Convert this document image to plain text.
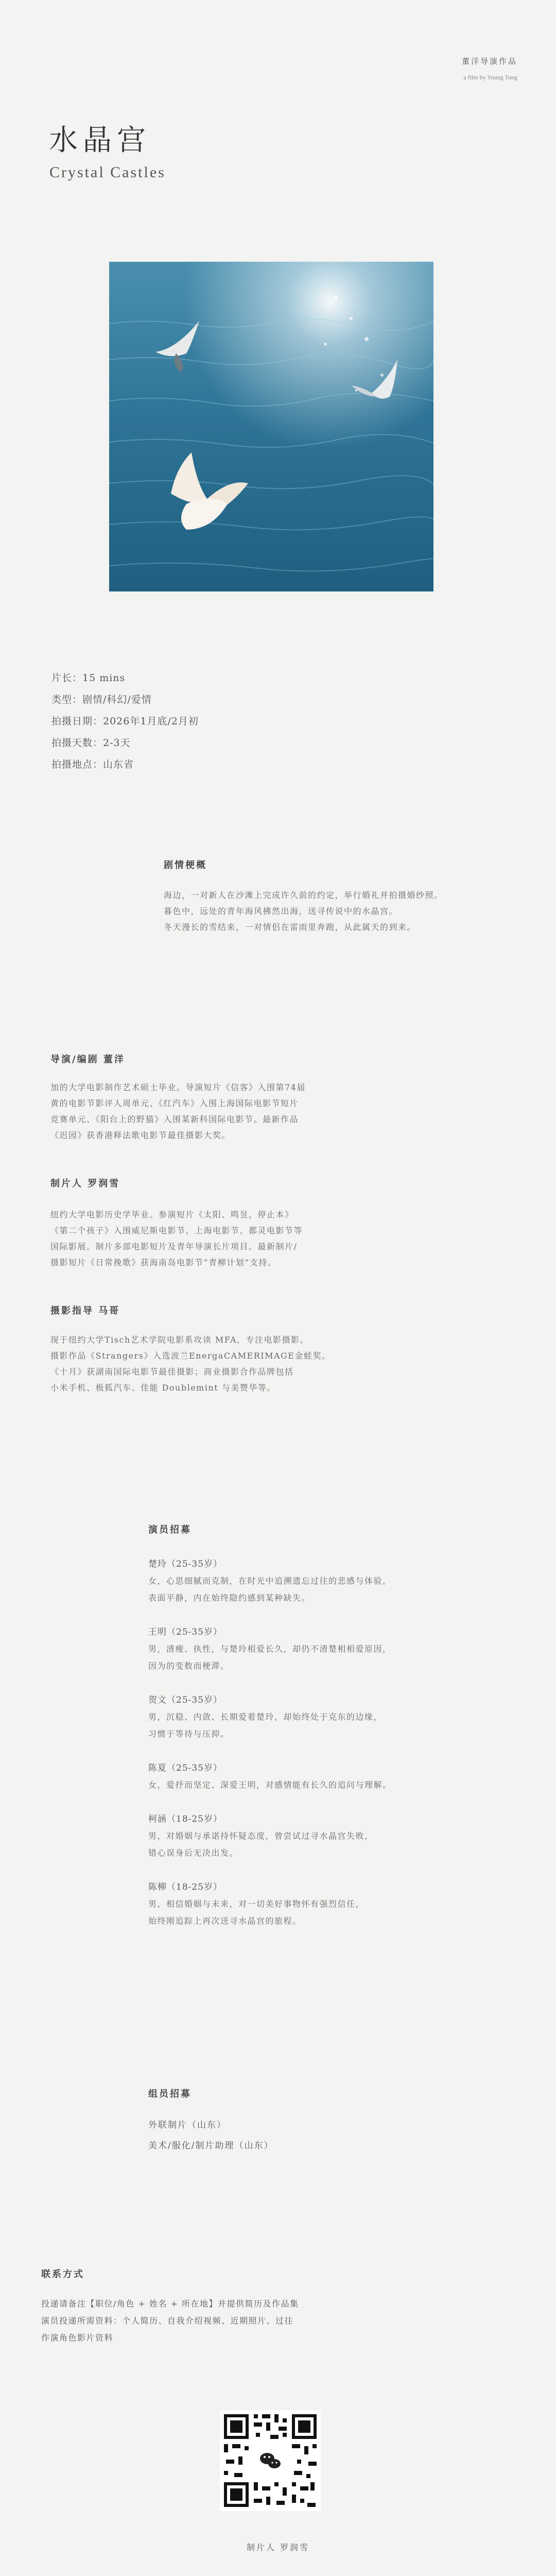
董洋导演作品
a film by Young Tong
水晶宫
Crystal Castles
片长：15 mins
类型：剧情/科幻/爱情
拍摄日期：2026年1月底/2月初
拍摄天数：2-3天
拍摄地点：山东省
剧情梗概
海边，一对新人在沙滩上完成许久前的约定，举行婚礼并拍摄婚纱照。
暮色中，远处的青年海风拂然出海，送寻传说中的水晶宫。
冬天漫长的雪结来，一对情侣在雷雨里奔跑，从此属天的到来。
导演/编剧 董洋
加的大学电影制作艺术硕士毕业。导演短片《信客》入围第74届
黄的电影节影评人周单元、《红汽车》入围上海国际电影节短片
竞赛单元、《阳台上的野猫》入围某新科国际电影节。最新作品
《迟园》获香港释法歌电影节最佳摄影大奖。
制片人 罗润雪
纽约大学电影历史学毕业。参演短片《太阳、鸣昱，停止本》
《第二个孩子》入围威尼斯电影节、上海电影节、都灵电影节等
国际影展。制片多部电影短片及青年导演长片项目。最新制片/
摄影短片《日常挽歌》获海南岛电影节“青柳计划”支持。
摄影指导 马哥
现于纽约大学Tisch艺术学院电影系攻读 MFA，专注电影摄影。
摄影作品《Strangers》入选波兰EnergaCAMERIMAGE金蛙奖。
《十月》获湖南国际电影节最佳摄影；商业摄影合作品牌包括
小米手机、极狐汽车、佳能 Doublemint 与美赞华等。
演员招募
楚玲（25-35岁）
女，心思细腻而克制，在时光中追溯遗忘过往的悲感与体验，
表面平静，内在始终隐约感到某种缺失。
王明（25-35岁）
男，清瘦、执性，与楚玲相爱长久，却仍不清楚相相爱原因，
因为的变数而梗滞。
贺文（25-35岁）
男，沉稳、内敛、长期爱着楚玲，却始终处于克东的边缘，
习惯于等待与压抑。
陈夏（25-35岁）
女，爱抒而坚定、深爱王明，对感情能有长久的追问与理解。
柯涵（18-25岁）
男，对婚姻与承诺持怀疑态度，曾尝试过寻水晶宫失败，
错心误身后无决出发。
陈柳（18-25岁）
男，相信婚姻与未来，对一切美好事物怀有强烈信任，
始终刚追踪上再次送寻水晶宫的旅程。
组员招募
外联制片（山东）
美术/服化/制片助理（山东）
联系方式
投递请备注【职位/角色 + 姓名 + 所在地】并提供简历及作品集
演员投递所需资料：个人简历、自我介绍视频、近期照片、过往
作演角色影片资料
制片人 罗润雪
